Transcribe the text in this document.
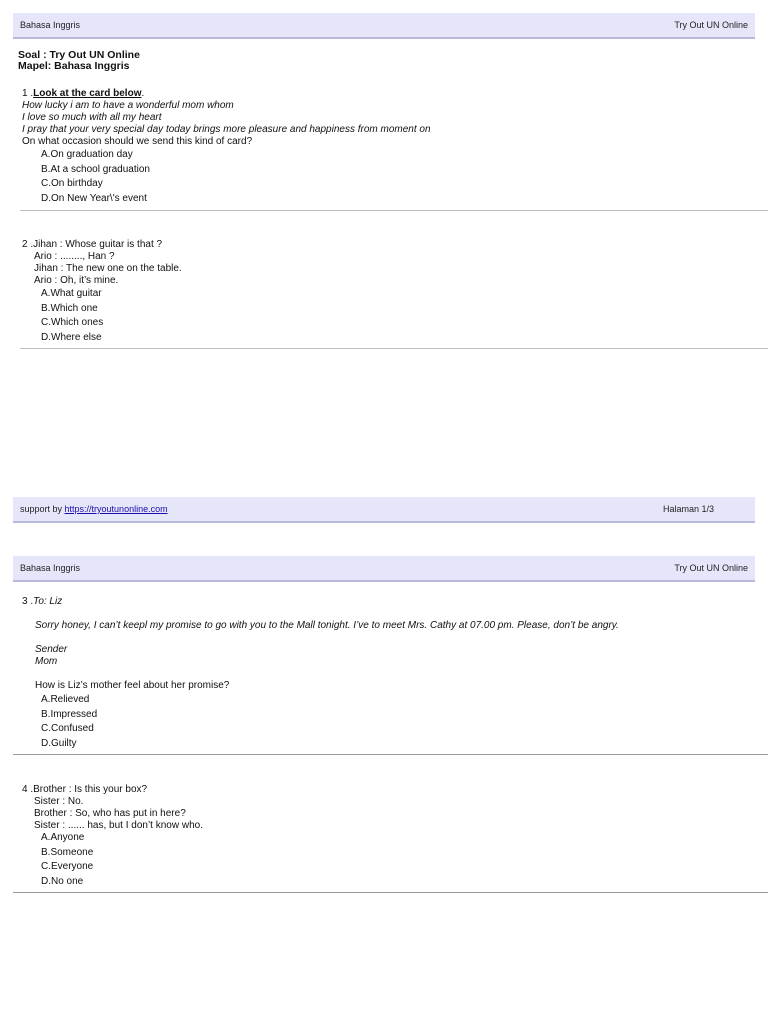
Bahasa Inggris	Try Out UN Online
Soal : Try Out UN Online
Mapel: Bahasa Inggris
1 .Look at the card below.
How lucky i am to have a wonderful mom whom
I love so much with all my heart
I pray that your very special day today brings more pleasure and happiness from moment on
On what occasion should we send this kind of card?
A.On graduation day
B.At a school graduation
C.On birthday
D.On New Year\'s event
2 .Jihan : Whose guitar is that ?
Ario : ........, Han ?
Jihan : The new one on the table.
Ario : Oh, it’s mine.
A.What guitar
B.Which one
C.Which ones
D.Where else
support by https://tryoutunonline.com	Halaman 1/3
Bahasa Inggris	Try Out UN Online
3 .To: Liz
Sorry honey, I can’t keepl my promise to go with you to the Mall tonight. I’ve to meet Mrs. Cathy at 07.00 pm. Please, don’t be angry.
Sender
Mom
How is Liz’s mother feel about her promise?
A.Relieved
B.Impressed
C.Confused
D.Guilty
4 .Brother : Is this your box?
Sister : No.
Brother : So, who has put in here?
Sister : ...... has, but I don’t know who.
A.Anyone
B.Someone
C.Everyone
D.No one
